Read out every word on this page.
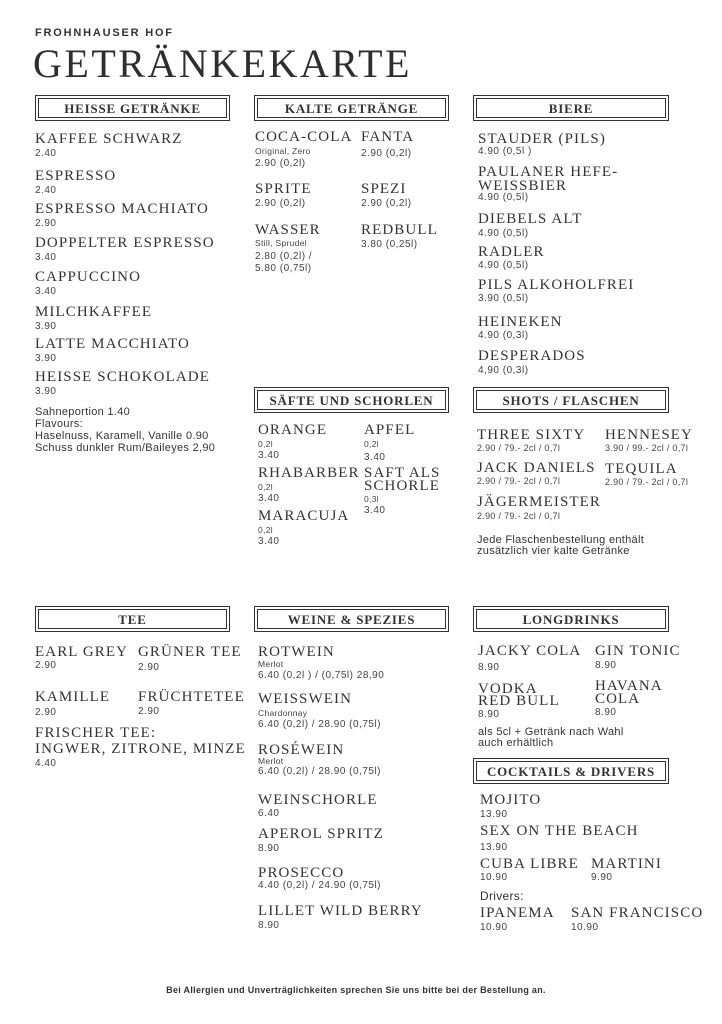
FROHNHAUSER HOF
GETRÄNKEKARTE
HEISSE GETRÄNKE	KALTE GETRÄNGE	BIERE
SÄFTE UND SCHORLEN	SHOTS / FLASCHEN
TEE	WEINE & SPEZIES	LONGDRINKS
COCKTAILS & DRIVERS
KAFFEE SCHWARZ
2.40
ESPRESSO
2.40
ESPRESSO MACHIATO
2.90
DOPPELTER ESPRESSO
3.40
CAPPUCCINO
3.40
MILCHKAFFEE
3.90
LATTE MACCHIATO
3.90
HEISSE SCHOKOLADE
3.90
Sahneportion 1.40
Flavours:
Haselnuss, Karamell, Vanille 0.90
Schuss dunkler Rum/Baileyes 2,90
COCA-COLA
Original, Zero
2.90 (0,2l)
FANTA
2.90 (0,2l)
SPRITE
2.90 (0,2l)
SPEZI
2.90 (0,2l)
WASSER
Still, Sprudel
2.80 (0,2l) /
5.80 (0,75l)
REDBULL
3.80 (0,25l)
STAUDER (PILS)
4.90 (0,5l )
PAULANER HEFE-
WEISSBIER
4.90 (0,5l)
DIEBELS ALT
4.90 (0,5l)
RADLER
4.90 (0,5l)
PILS ALKOHOLFREI
3.90 (0,5l)
HEINEKEN
4.90 (0,3l)
DESPERADOS
4,90 (0,3l)
ORANGE
0,2l
3.40
APFEL
0,2l
3.40
RHABARBER
0,2l
3.40
SAFT ALS
SCHORLE
0,3l
3.40
MARACUJA
0,2l
3.40
THREE SIXTY
2.90 / 79.- 2cl / 0,7l
HENNESEY
3.90 / 99.- 2cl / 0,7l
JACK DANIELS
2.90 / 79.- 2cl / 0,7l
TEQUILA
2.90 / 79.- 2cl / 0,7l
JÄGERMEISTER
2.90 / 79.- 2cl / 0,7l
Jede Flaschenbestellung enthält
zusätzlich vier kalte Getränke
EARL GREY
2.90
GRÜNER TEE
2.90
KAMILLE
2.90
FRÜCHTETEE
2.90
FRISCHER TEE:
INGWER, ZITRONE, MINZE
4.40
ROTWEIN
Merlot
6.40 (0,2l ) / (0,75l) 28,90
WEISSWEIN
Chardonnay
6.40 (0,2l) / 28.90 (0,75l)
ROSÉWEIN
Merlot
6.40 (0,2l) / 28.90 (0,75l)
WEINSCHORLE
6.40
APEROL SPRITZ
8.90
PROSECCO
4.40 (0,2l) / 24.90 (0,75l)
LILLET WILD BERRY
8.90
JACKY COLA
8.90
GIN TONIC
8.90
VODKA
RED BULL
8.90
HAVANA
COLA
8.90
als 5cl + Getränk nach Wahl
auch erhältlich
MOJITO
13.90
SEX ON THE BEACH
13.90
CUBA LIBRE
10.90
MARTINI
9.90
Drivers:
IPANEMA
10.90
SAN FRANCISCO
10.90
Bei Allergien und Unverträglichkeiten sprechen Sie uns bitte bei der Bestellung an.
